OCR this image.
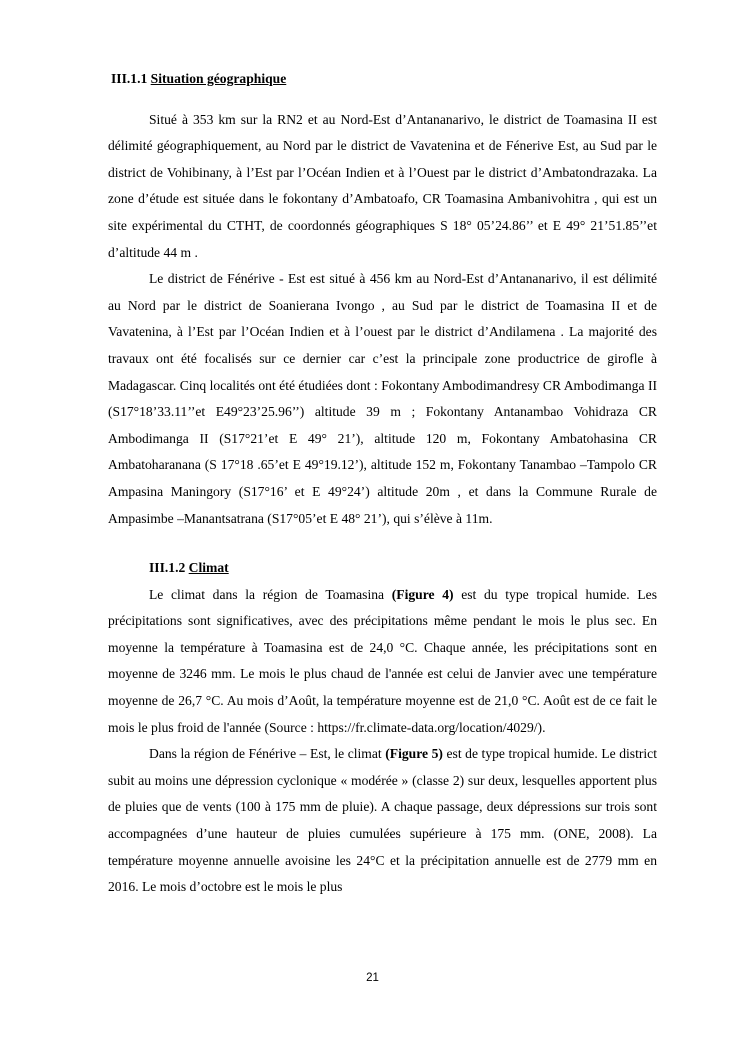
III.1.1 Situation géographique

Situé à 353 km sur la RN2 et au Nord-Est d’Antananarivo, le district de Toamasina II est délimité géographiquement, au Nord par le district de Vavatenina et de Fénerive Est, au Sud par le district de Vohibinany, à l’Est par l’Océan Indien et à l’Ouest par le district d’Ambatondrazaka. La zone d’étude est située dans le fokontany d’Ambatoafo, CR Toamasina Ambanivohitra , qui est un site expérimental du CTHT, de coordonnés géographiques S 18° 05’24.86’’ et E 49° 21’51.85’’et d’altitude 44 m .

Le district de Fénérive - Est est situé à 456 km au Nord-Est d’Antananarivo, il est délimité au Nord par le district de Soanierana Ivongo , au Sud par le district de Toamasina II et de Vavatenina, à l’Est par l’Océan Indien et à l’ouest par le district d’Andilamena . La majorité des travaux ont été focalisés sur ce dernier car c’est la principale zone productrice de girofle à Madagascar. Cinq localités ont été étudiées dont : Fokontany Ambodimandresy CR Ambodimanga II (S17°18’33.11’’et E49°23’25.96’’) altitude 39 m ; Fokontany Antanambao Vohidraza CR Ambodimanga II (S17°21’et E 49° 21’), altitude 120 m, Fokontany Ambatohasina CR Ambatoharanana (S 17°18 .65’et E 49°19.12’), altitude 152 m, Fokontany Tanambao –Tampolo CR Ampasina Maningory (S17°16’ et E 49°24’) altitude 20m , et dans la Commune Rurale de Ampasimbe –Manantsatrana (S17°05’et E 48° 21’), qui s’élève à 11m.

III.1.2 Climat

Le climat dans la région de Toamasina (Figure 4) est du type tropical humide. Les précipitations sont significatives, avec des précipitations même pendant le mois le plus sec. En moyenne la température à Toamasina est de 24,0 °C. Chaque année, les précipitations sont en moyenne de 3246 mm. Le mois le plus chaud de l'année est celui de Janvier avec une température moyenne de 26,7 °C. Au mois d’Août, la température moyenne est de 21,0 °C. Août est de ce fait le mois le plus froid de l'année (Source : https://fr.climate-data.org/location/4029/).

Dans la région de Fénérive – Est, le climat (Figure 5) est de type tropical humide. Le district subit au moins une dépression cyclonique « modérée » (classe 2) sur deux, lesquelles apportent plus de pluies que de vents (100 à 175 mm de pluie). A chaque passage, deux dépressions sur trois sont accompagnées d’une hauteur de pluies cumulées supérieure à 175 mm. (ONE, 2008). La température moyenne annuelle avoisine les 24°C et la précipitation annuelle est de 2779 mm en 2016. Le mois d’octobre est le mois le plus

21
